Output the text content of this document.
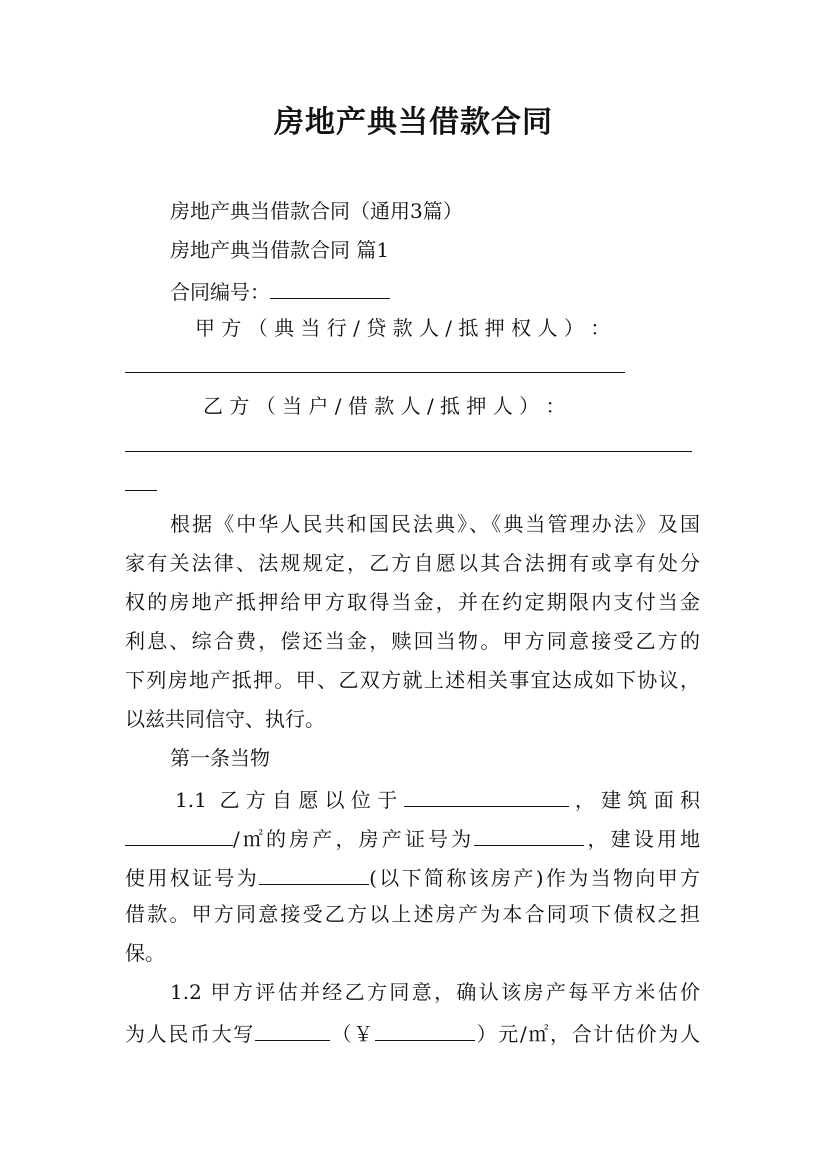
房地产典当借款合同
房地产典当借款合同（通用3篇）
房地产典当借款合同 篇1
合同编号：
甲 方 （ 典 当 行 / 贷 款 人 / 抵 押 权 人 ） ：
乙 方 （ 当 户 / 借 款 人 / 抵 押 人 ） ：
根据《中华人民共和国民法典》、《典当管理办法》及国
家有关法律、法规规定，乙方自愿以其合法拥有或享有处分
权的房地产抵押给甲方取得当金，并在约定期限内支付当金
利息、综合费，偿还当金，赎回当物。甲方同意接受乙方的
下列房地产抵押。甲、乙双方就上述相关事宜达成如下协议，
以兹共同信守、执行。
第一条当物
1.1 乙方自愿以位于	，建筑面积
/㎡的房产，房产证号为	，建设用地
使用权证号为	(以下简称该房产)作为当物向甲方
借款。甲方同意接受乙方以上述房产为本合同项下债权之担
保。
1.2 甲方评估并经乙方同意，确认该房产每平方米估价
为人民币大写	（￥	）元/㎡，合计估价为人
